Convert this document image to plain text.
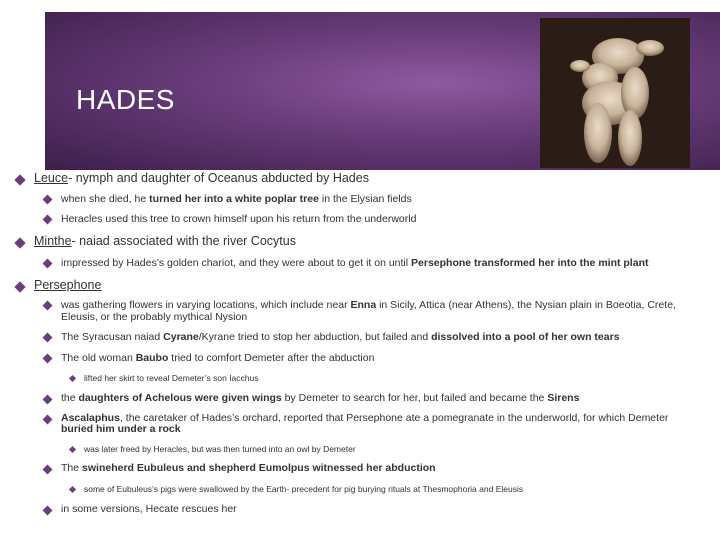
HADES
Leuce- nymph and daughter of Oceanus abducted by Hades
when she died, he turned her into a white poplar tree in the Elysian fields
Heracles used this tree to crown himself upon his return from the underworld
Minthe- naiad associated with the river Cocytus
impressed by Hades’s golden chariot, and they were about to get it on until Persephone transformed her into the mint plant
Persephone
was gathering flowers in varying locations, which include near Enna in Sicily, Attica (near Athens), the Nysian plain in Boeotia, Crete,
Eleusis, or the probably mythical Nysion
The Syracusan naiad Cyrane/Kyrane tried to stop her abduction, but failed and dissolved into a pool of her own tears
The old woman Baubo tried to comfort Demeter after the abduction
lifted her skirt to reveal Demeter’s son Iacchus
the daughters of Achelous were given wings by Demeter to search for her, but failed and became the Sirens
Ascalaphus, the caretaker of Hades’s orchard, reported that Persephone ate a pomegranate in the underworld, for which Demeter
buried him under a rock
was later freed by Heracles, but was then turned into an owl by Demeter
The swineherd Eubuleus and shepherd Eumolpus witnessed her abduction
some of Eubuleus’s pigs were swallowed by the Earth- precedent for pig burying rituals at Thesmophoria and Eleusis
in some versions, Hecate rescues her
